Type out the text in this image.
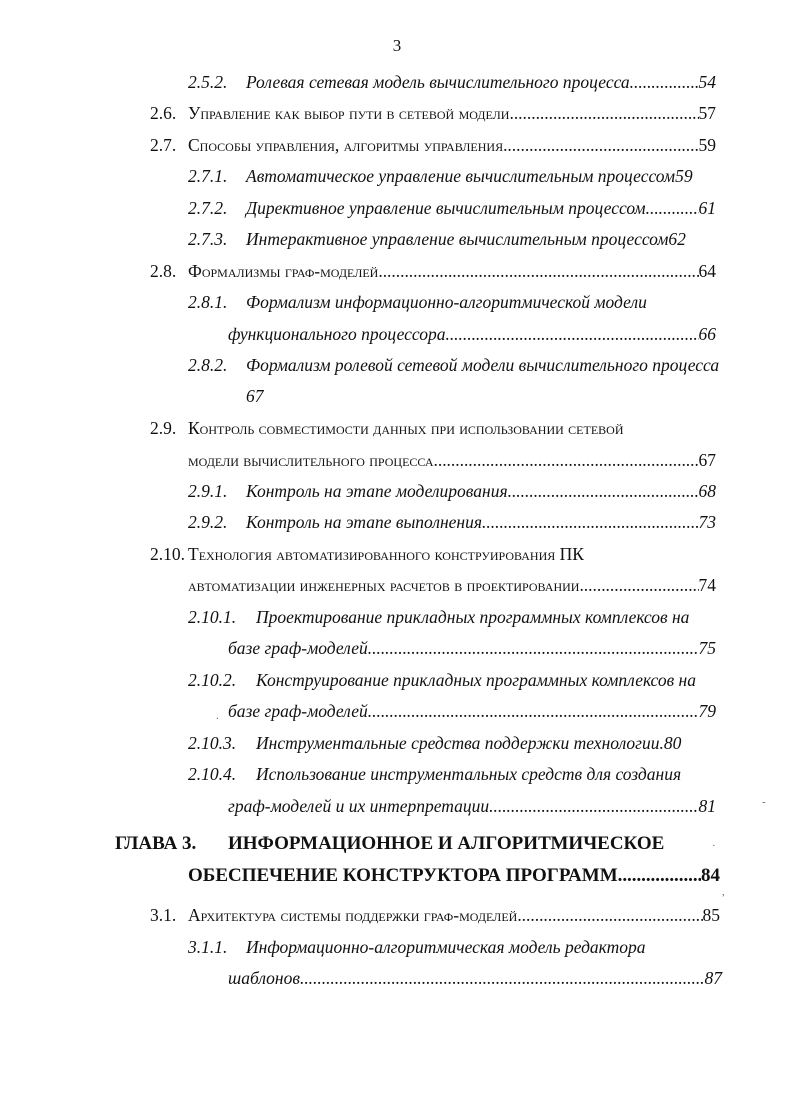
3
2.5.2.	Ролевая сетевая модель вычислительного процесса . . .	54
2.6. Управление как выбор пути в сетевой модели . . .	57
2.7. Способы управления, алгоритмы управления . . .	59
2.7.1.	Автоматическое управление вычислительным процессом 59
2.7.2.	Директивное управление вычислительным процессом. . . .	61
2.7.3.	Интерактивное управление вычислительным процессом 62
2.8. Формализмы граф-моделей . . .	64
2.8.1.	Формализм информационно-алгоритмической модели
функционального процессора . . .	66
2.8.2.	Формализм ролевой сетевой модели вычислительного процесса
67
2.9. Контроль совместимости данных при использовании сетевой
модели вычислительного процесса . . .	67
2.9.1.	Контроль на этапе моделирования . . .	68
2.9.2.	Контроль на этапе выполнения. . . .	73
2.10. Технология автоматизированного конструирования ПК
автоматизации инженерных расчетов в проектировании . . .	74
2.10.1.	Проектирование прикладных программных комплексов на
базе граф-моделей . . .	75
2.10.2.	Конструирование прикладных программных комплексов на
базе граф-моделей . . .	79
2.10.3.	Инструментальные средства поддержки технологии. 80
2.10.4.	Использование инструментальных средств для создания
граф-моделей и их интерпретации. . . .	81
ГЛАВА 3.	ИНФОРМАЦИОННОЕ И АЛГОРИТМИЧЕСКОЕ
ОБЕСПЕЧЕНИЕ КОНСТРУКТОРА ПРОГРАММ . . .	84
3.1. Архитектура системы поддержки граф-моделей . . .	85
3.1.1.	Информационно-алгоритмическая модель редактора
шаблонов. . . .	87
.
-
·
,
